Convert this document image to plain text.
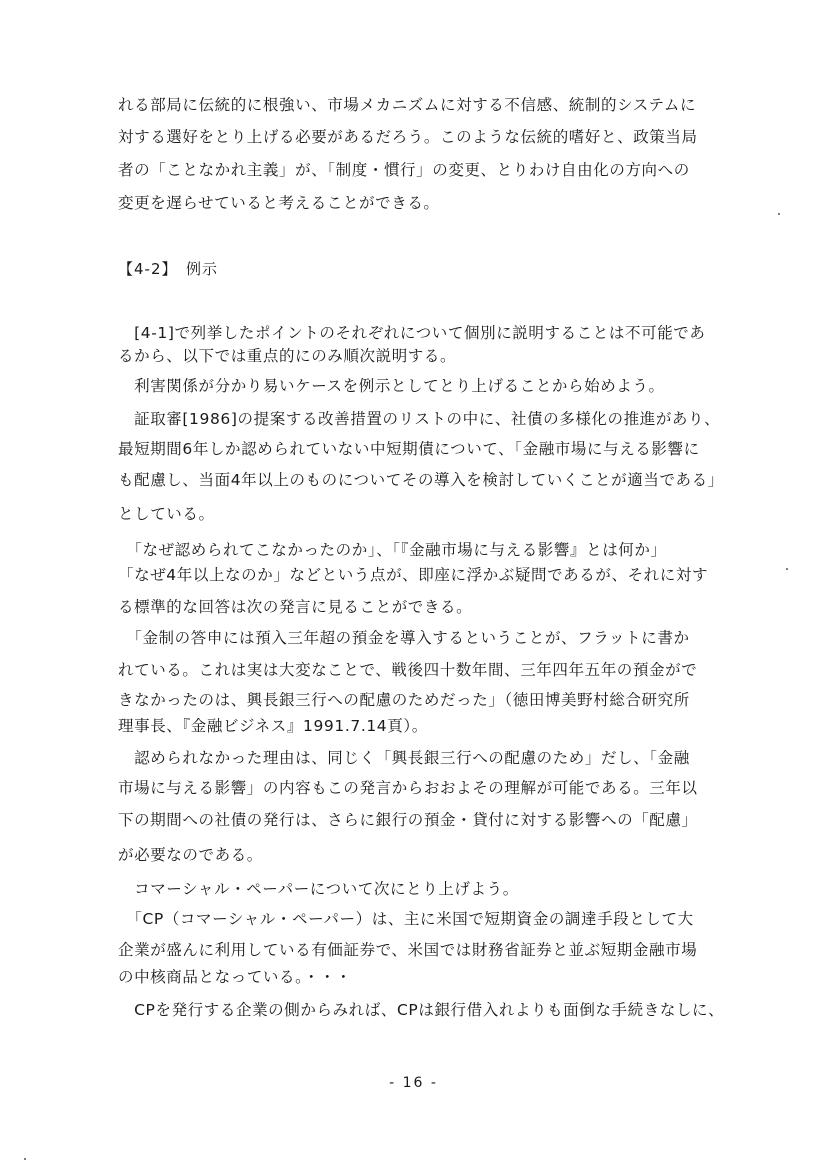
れる部局に伝統的に根強い、市場メカニズムに対する不信感、統制的システムに
対する選好をとり上げる必要があるだろう。このような伝統的嗜好と、政策当局
者の「ことなかれ主義」が、「制度・慣行」の変更、とりわけ自由化の方向への
変更を遅らせていると考えることができる。
【4-2】　例示
　[4-1]で列挙したポイントのそれぞれについて個別に説明することは不可能であ
るから、以下では重点的にのみ順次説明する。
　利害関係が分かり易いケースを例示としてとり上げることから始めよう。
　証取審[1986]の提案する改善措置のリストの中に、社債の多様化の推進があり、
最短期間6年しか認められていない中短期債について、「金融市場に与える影響に
も配慮し、当面4年以上のものについてその導入を検討していくことが適当である」
としている。
　「なぜ認められてこなかったのか」、「『金融市場に与える影響』とは何か」
「なぜ4年以上なのか」などという点が、即座に浮かぶ疑問であるが、それに対す
る標準的な回答は次の発言に見ることができる。
　「金制の答申には預入三年超の預金を導入するということが、フラットに書か
れている。これは実は大変なことで、戦後四十数年間、三年四年五年の預金がで
きなかったのは、興長銀三行への配慮のためだった」（徳田博美野村総合研究所
理事長、『金融ビジネス』1991.7.14頁）。
　認められなかった理由は、同じく「興長銀三行への配慮のため」だし、「金融
市場に与える影響」の内容もこの発言からおおよその理解が可能である。三年以
下の期間への社債の発行は、さらに銀行の預金・貸付に対する影響への「配慮」
が必要なのである。
　コマーシャル・ペーパーについて次にとり上げよう。
　「CP（コマーシャル・ペーパー）は、主に米国で短期資金の調達手段として大
企業が盛んに利用している有価証券で、米国では財務省証券と並ぶ短期金融市場
の中核商品となっている。・・・
　CPを発行する企業の側からみれば、CPは銀行借入れよりも面倒な手続きなしに、
- 16 -
